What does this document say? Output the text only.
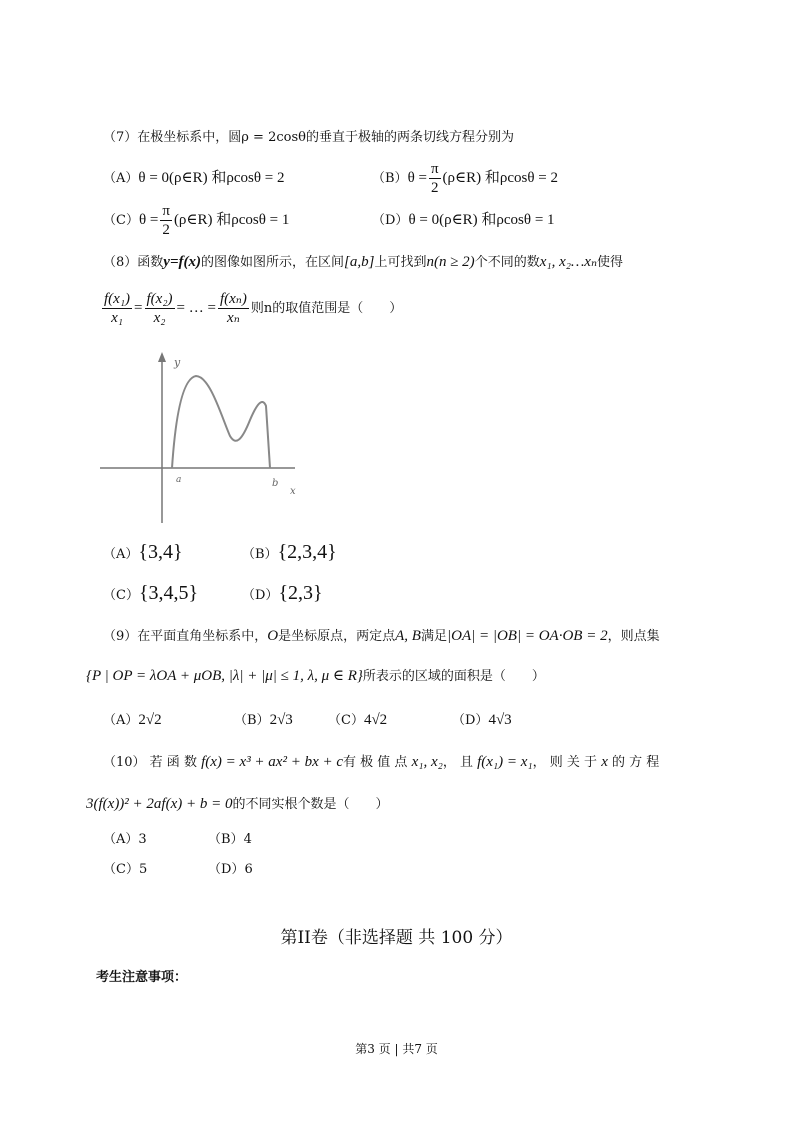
（7）在极坐标系中，圆ρ = 2cosθ的垂直于极轴的两条切线方程分别为
（A）θ = 0(ρ∈R) 和ρcosθ = 2	$(B)\theta = \frac{\pi}{2}$ (ρ∈R) 和ρcosθ = 2
$(C)\theta = \frac{\pi}{2}$ (ρ∈R) 和ρcosθ = 1	（D）θ = 0(ρ∈R) 和ρcosθ = 1
（8）函数y=f(x)的图像如图所示，在区间[a,b]上可找到n(n ≥ 2)个不同的数x₁, x₂…xₙ使得
$\frac{\text{f(x₁)}}{\text{x₁}} = \frac{\text{f(x₂)}}{\text{x₂}}$ = … = $\frac{\text{f(xₙ)}}{\text{xₙ}}$ 则n的取值范围是（　　）
y
x
a	b
（A）{3,4}	（B）{2,3,4}
（C）{3,4,5}	（D）{2,3}
（9）在平面直角坐标系中，O是坐标原点，两定点A, B满足|OA| = |OB| = OA·OB = 2，则点集
{P | OP = λOA + μOB, |λ| + |μ| ≤ 1, λ, μ ∈ R}所表示的区域的面积是（　　）
（A）2√2	（B）2√3	（C）4√2	（D）4√3
（10） 若 函 数 f(x) = x³ + ax² + bx + c有 极 值 点 x₁, x₂， 且 f(x₁) = x₁， 则 关 于 x 的 方 程
3(f(x))² + 2af(x) + b = 0的不同实根个数是（　　）
（A）3	（B）4
（C）5	（D）6
第II卷（非选择题 共 100 分）
考生注意事项：
第3 页 | 共7 页
